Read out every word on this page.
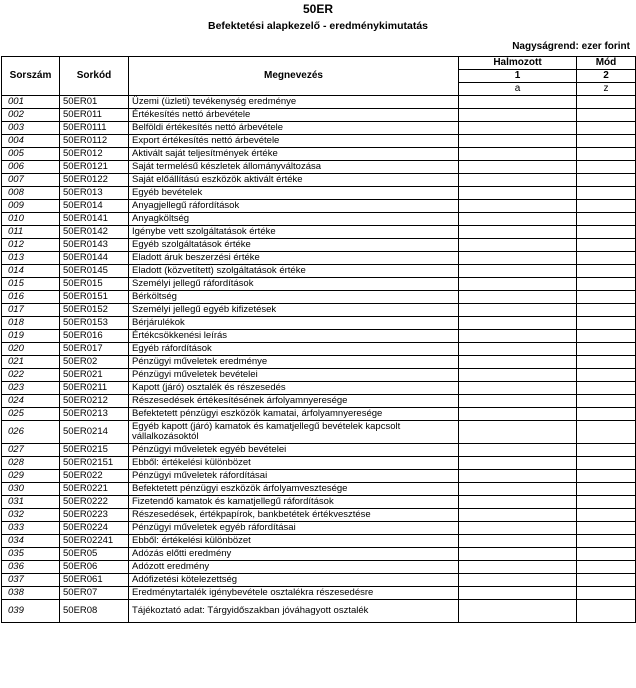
50ER
Befektetési alapkezelő - eredménykimutatás
Nagyságrend: ezer forint
Sorszám	Sorkód	Megnevezés	Halmozott	Mód
			1	2
			a	z
001	50ER01	Üzemi (üzleti) tevékenység eredménye		
002	50ER011	Értékesítés nettó árbevétele		
003	50ER0111	Belföldi értékesítés nettó árbevétele		
004	50ER0112	Export értékesítés nettó árbevétele		
005	50ER012	Aktivált saját teljesítmények értéke		
006	50ER0121	Saját termelésű készletek állományváltozása		
007	50ER0122	Saját előállítású eszközök aktivált értéke		
008	50ER013	Egyéb bevételek		
009	50ER014	Anyagjellegű ráfordítások		
010	50ER0141	Anyagköltség		
011	50ER0142	Igénybe vett szolgáltatások értéke		
012	50ER0143	Egyéb szolgáltatások értéke		
013	50ER0144	Eladott áruk beszerzési értéke		
014	50ER0145	Eladott (közvetített) szolgáltatások értéke		
015	50ER015	Személyi jellegű ráfordítások		
016	50ER0151	Bérköltség		
017	50ER0152	Személyi jellegű egyéb kifizetések		
018	50ER0153	Bérjárulékok		
019	50ER016	Értékcsökkenési leírás		
020	50ER017	Egyéb ráfordítások		
021	50ER02	Pénzügyi műveletek eredménye		
022	50ER021	Pénzügyi műveletek bevételei		
023	50ER0211	Kapott (járó) osztalék és részesedés		
024	50ER0212	Részesedések értékesítésének árfolyamnyeresége		
025	50ER0213	Befektetett pénzügyi eszközök kamatai, árfolyamnyeresége		
026	50ER0214	Egyéb kapott (járó) kamatok és kamatjellegű bevételek kapcsolt vállalkozásoktól		
027	50ER0215	Pénzügyi műveletek egyéb bevételei		
028	50ER02151	Ebből: értékelési különbözet		
029	50ER022	Pénzügyi műveletek ráfordításai		
030	50ER0221	Befektetett pénzügyi eszközök árfolyamvesztesége		
031	50ER0222	Fizetendő kamatok és kamatjellegű ráfordítások		
032	50ER0223	Részesedések, értékpapírok, bankbetétek értékvesztése		
033	50ER0224	Pénzügyi műveletek egyéb ráfordításai		
034	50ER02241	Ebből: értékelési különbözet		
035	50ER05	Adózás előtti eredmény		
036	50ER06	Adózott eredmény		
037	50ER061	Adófizetési kötelezettség		
038	50ER07	Eredménytartalék igénybevétele osztalékra részesedésre		
039	50ER08	Tájékoztató adat: Tárgyidőszakban jóváhagyott osztalék		
